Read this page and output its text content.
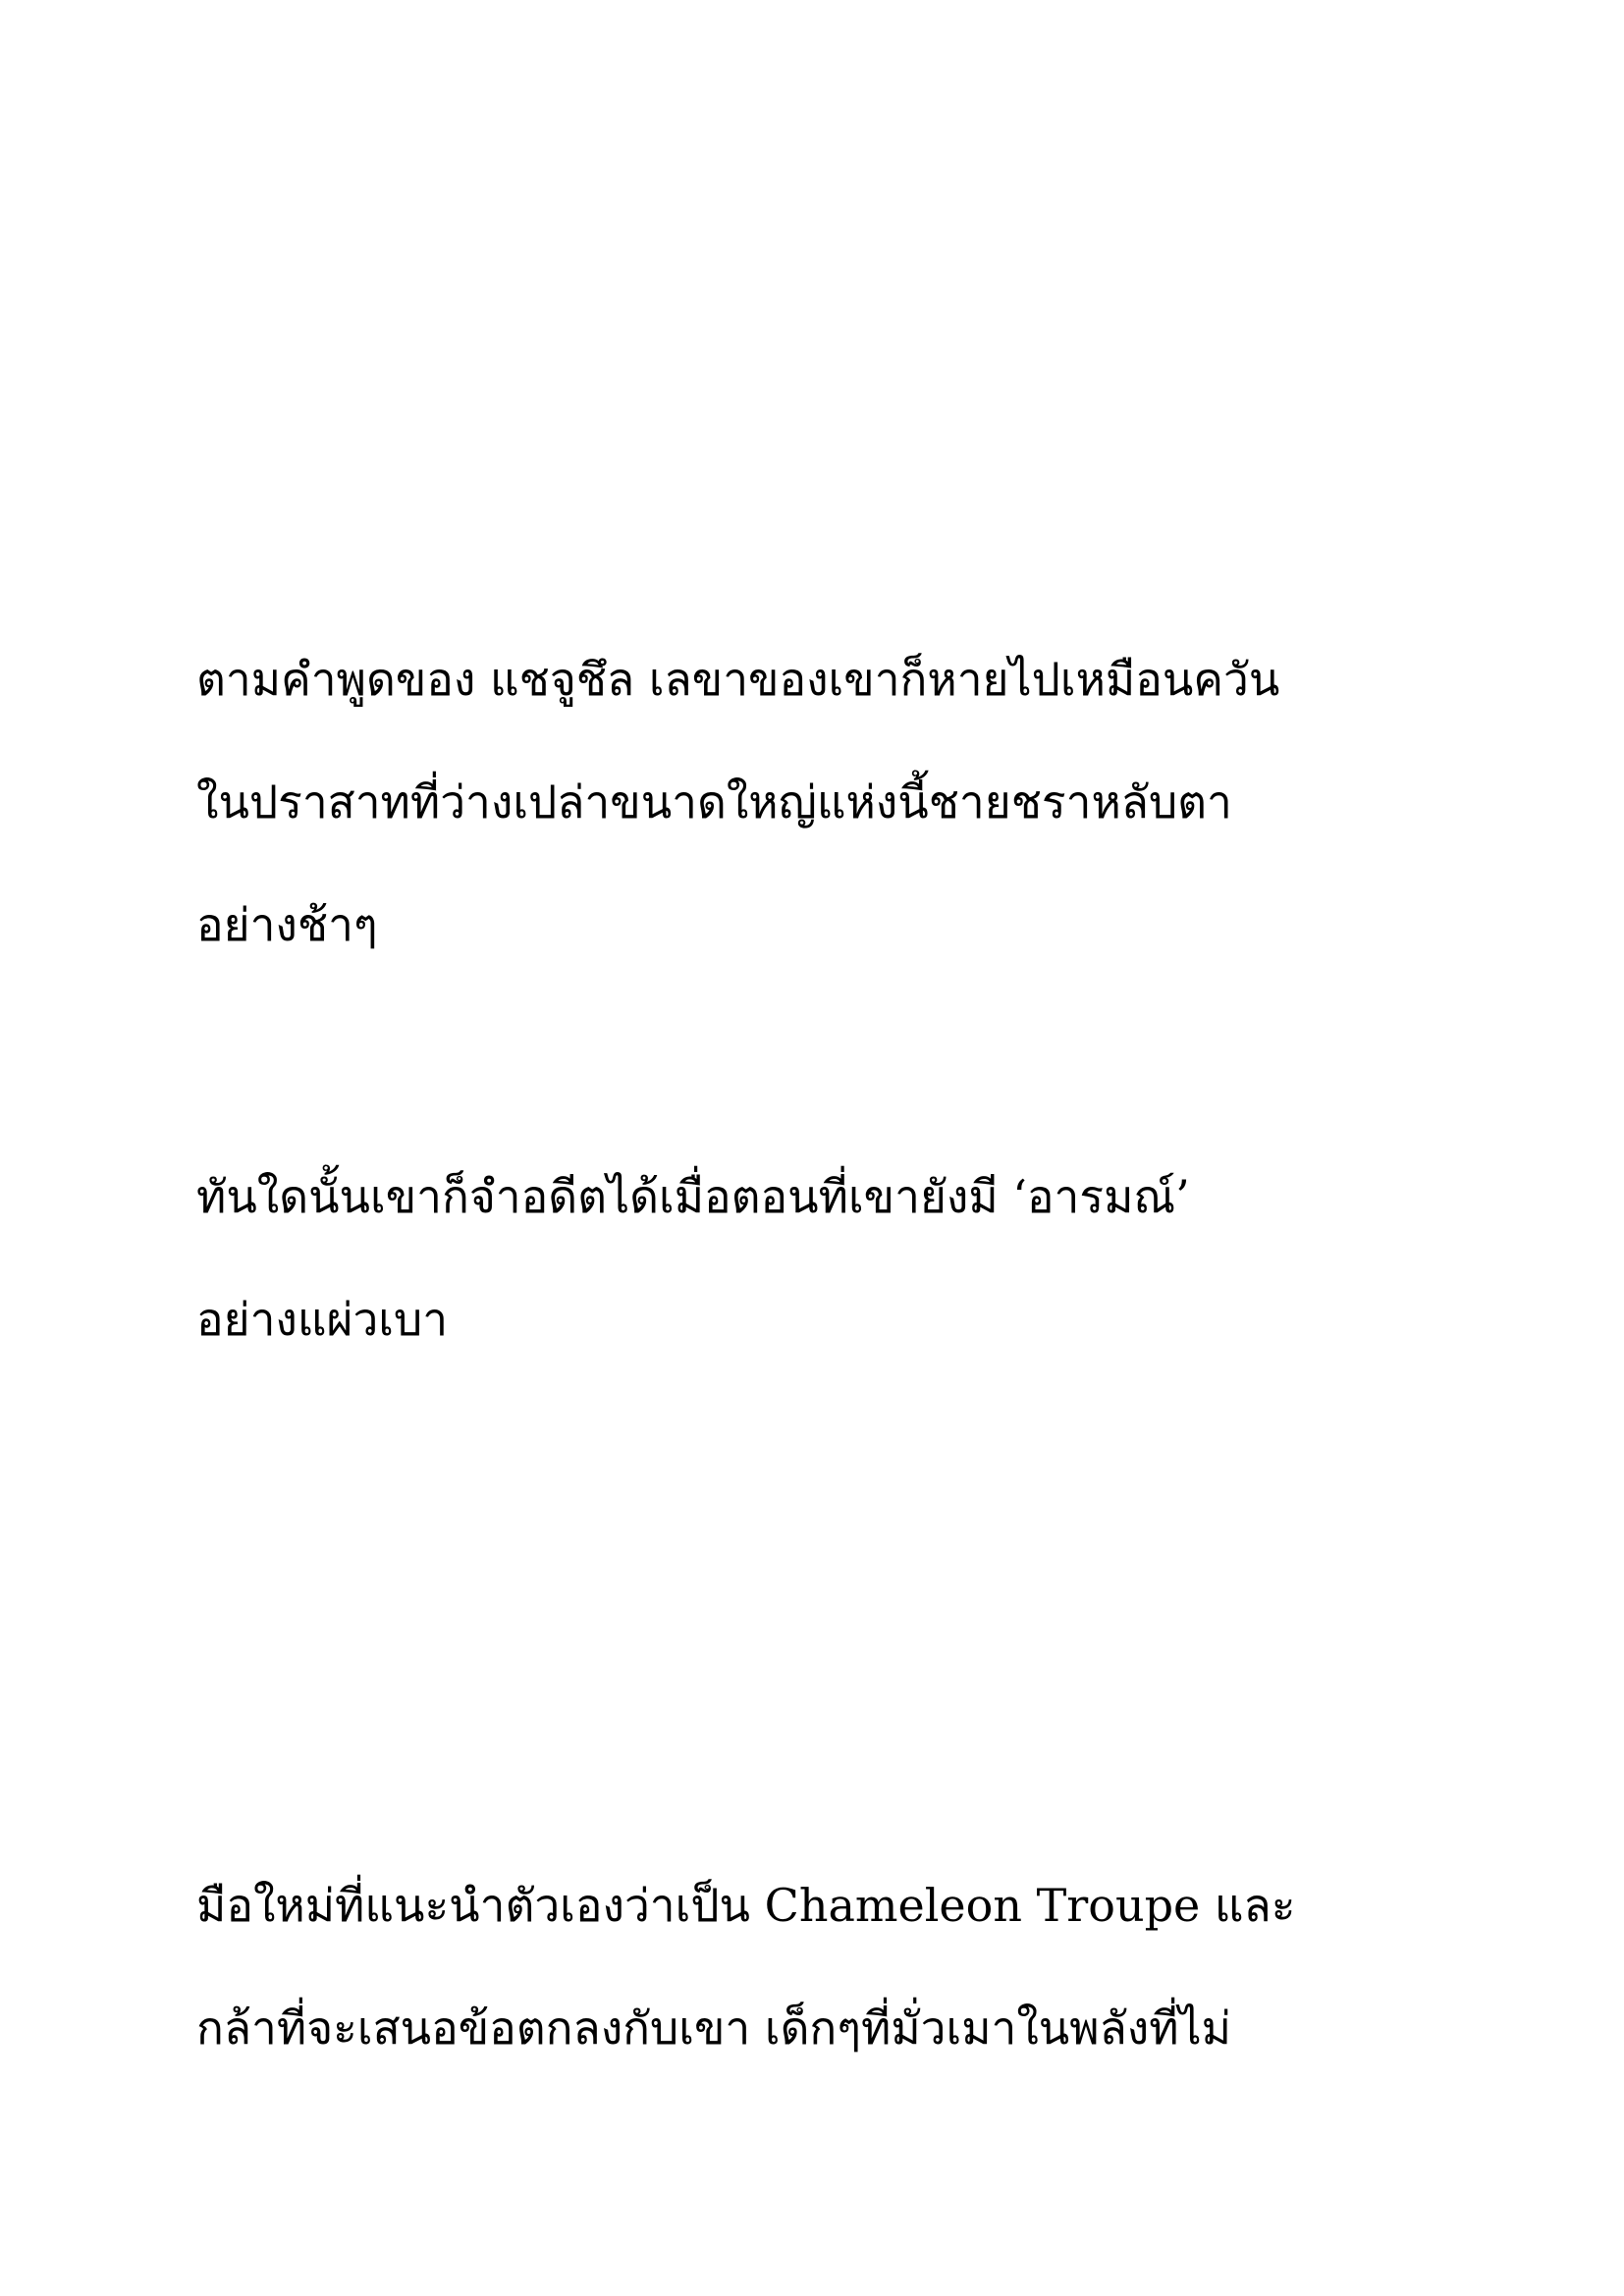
ตามคำพูดของ แชจูชึล เลขาของเขาก็หายไปเหมือนควัน

ในปราสาทที่ว่างเปล่าขนาดใหญ่แห่งนี้ชายชราหลับตา

อย่างช้าๆ

ทันใดนั้นเขาก็จำอดีตได้เมื่อตอนที่เขายังมี ‘อารมณ์’

อย่างแผ่วเบา

มือใหม่ที่แนะนำตัวเองว่าเป็น Chameleon Troupe และ

กล้าที่จะเสนอข้อตกลงกับเขา เด็กๆที่มั่วเมาในพลังที่ไม่
